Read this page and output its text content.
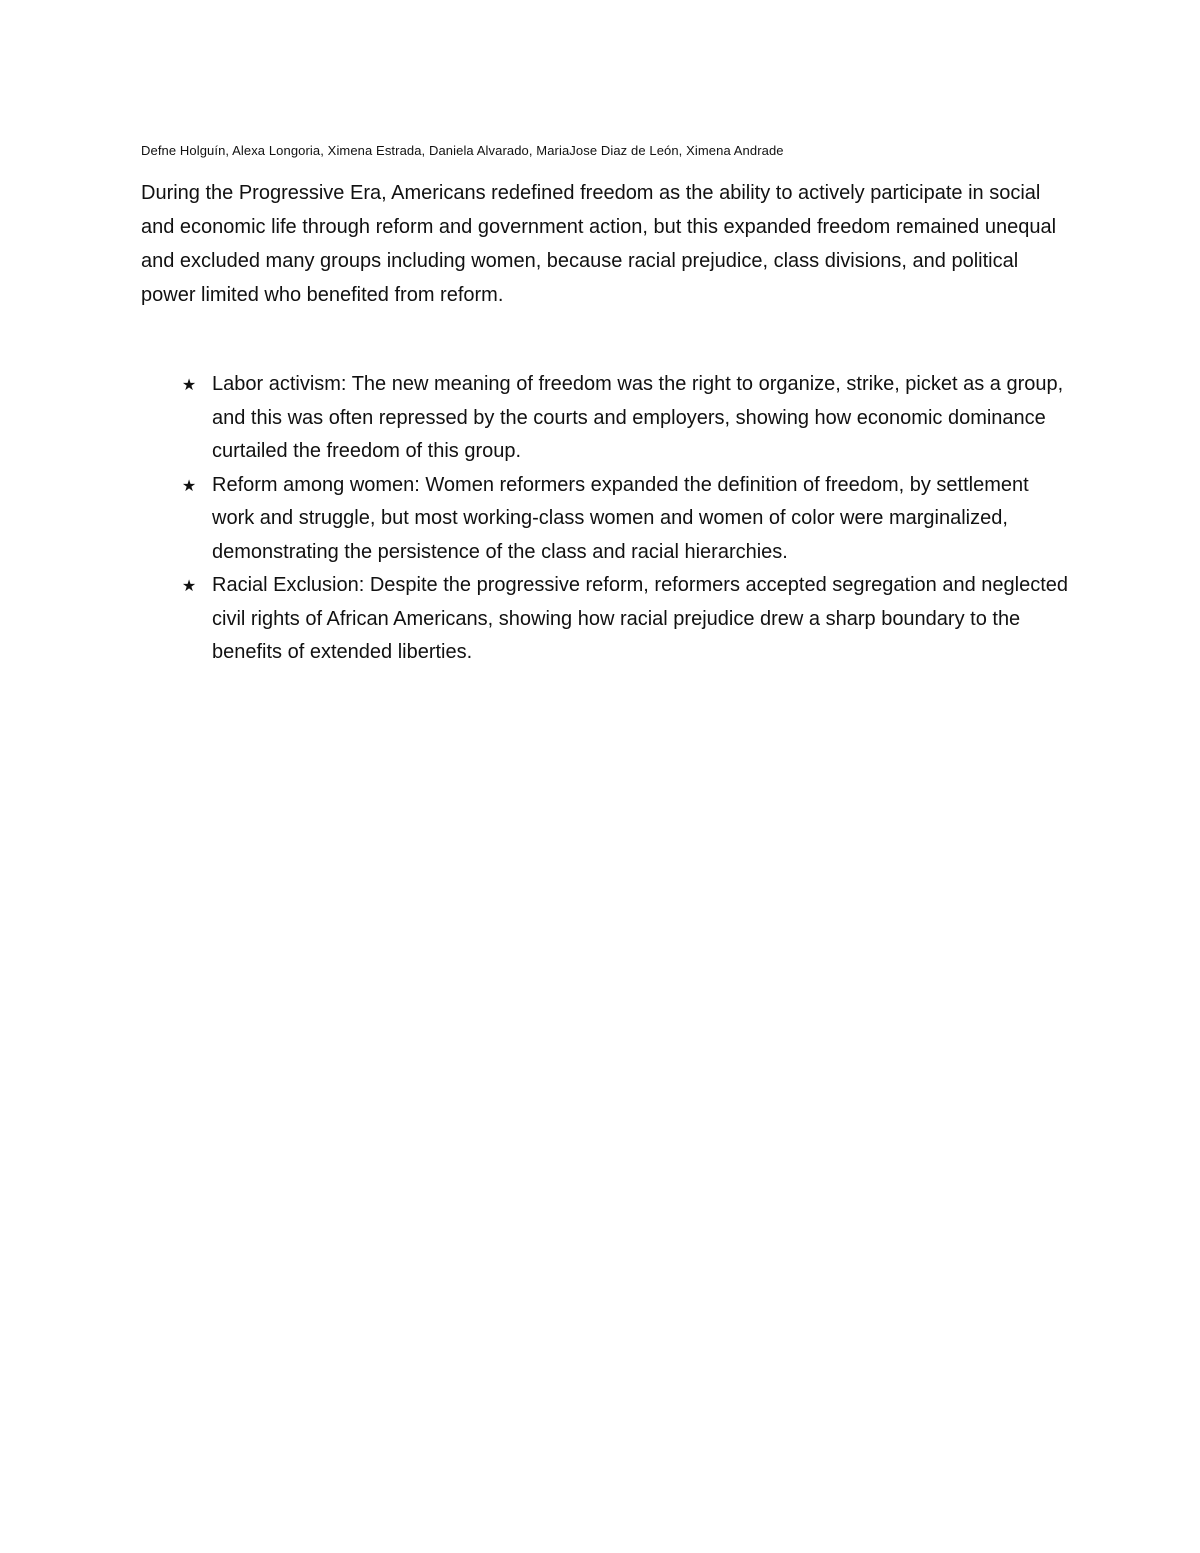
Defne Holguín, Alexa Longoria, Ximena Estrada, Daniela Alvarado, MariaJose Diaz de León, Ximena Andrade

During the Progressive Era, Americans redefined freedom as the ability to actively participate in social and economic life through reform and government action, but this expanded freedom remained unequal and excluded many groups including women, because racial prejudice, class divisions, and political power limited who benefited from reform.

★ Labor activism: The new meaning of freedom was the right to organize, strike, picket as a group, and this was often repressed by the courts and employers, showing how economic dominance curtailed the freedom of this group.
★ Reform among women: Women reformers expanded the definition of freedom, by settlement work and struggle, but most working-class women and women of color were marginalized, demonstrating the persistence of the class and racial hierarchies.
★ Racial Exclusion: Despite the progressive reform, reformers accepted segregation and neglected civil rights of African Americans, showing how racial prejudice drew a sharp boundary to the benefits of extended liberties.
